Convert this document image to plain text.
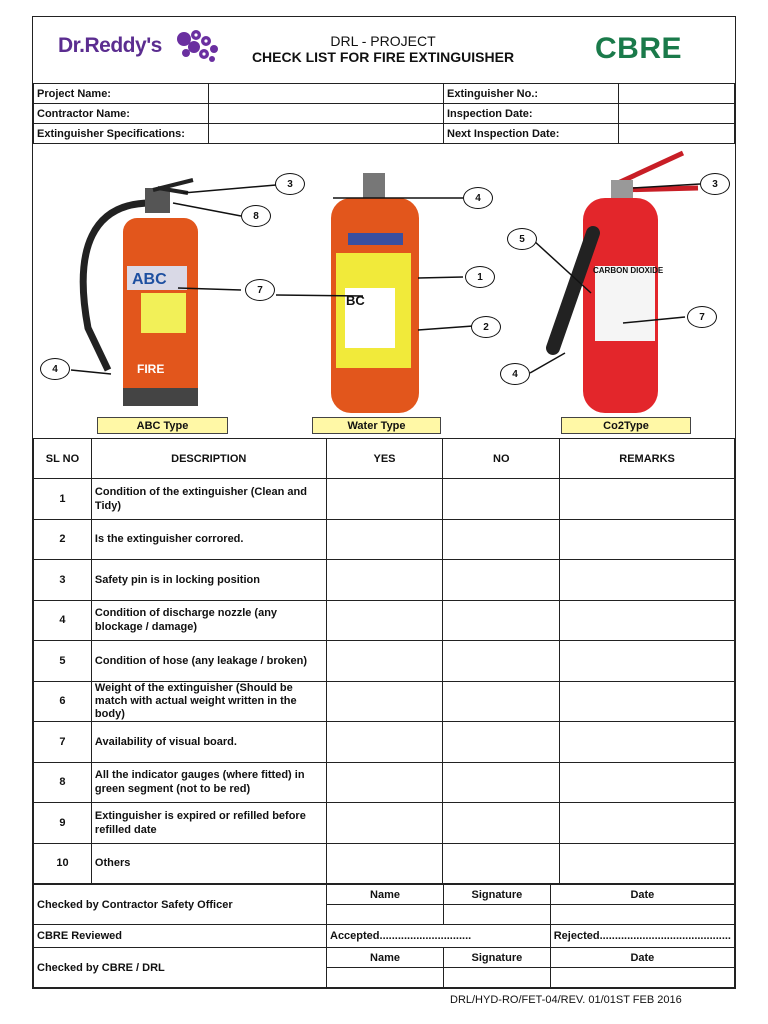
Dr.Reddy's	DRL - PROJECT
CHECK LIST FOR FIRE EXTINGUISHER	CBRE
Project Name:		Extinguisher No.:	
Contractor Name:		Inspection Date:	
Extinguisher Specifications:		Next Inspection Date:	
ABC
FIRE
BC
CARBON DIOXIDE
3
8
7
4
4
1
2
5
3
7
4
ABC Type	Water Type	Co2Type
SL NO	DESCRIPTION	YES	NO	REMARKS
1	Condition of the extinguisher (Clean and Tidy)			
2	Is the extinguisher corrored.			
3	Safety pin is in locking position			
4	Condition of discharge nozzle (any blockage / damage)			
5	Condition of hose (any leakage / broken)			
6	Weight of the extinguisher (Should be match with actual weight written in the body)			
7	Availability of visual board.			
8	All the indicator gauges (where fitted) in green segment (not to be red)			
9	Extinguisher is expired or refilled before refilled date			
10	Others			
Checked by Contractor Safety Officer	Name	Signature	Date

CBRE Reviewed	Accepted..............................		Rejected...........................................
Checked by CBRE / DRL	Name	Signature	Date

DRL/HYD-RO/FET-04/REV. 01/01ST FEB 2016
